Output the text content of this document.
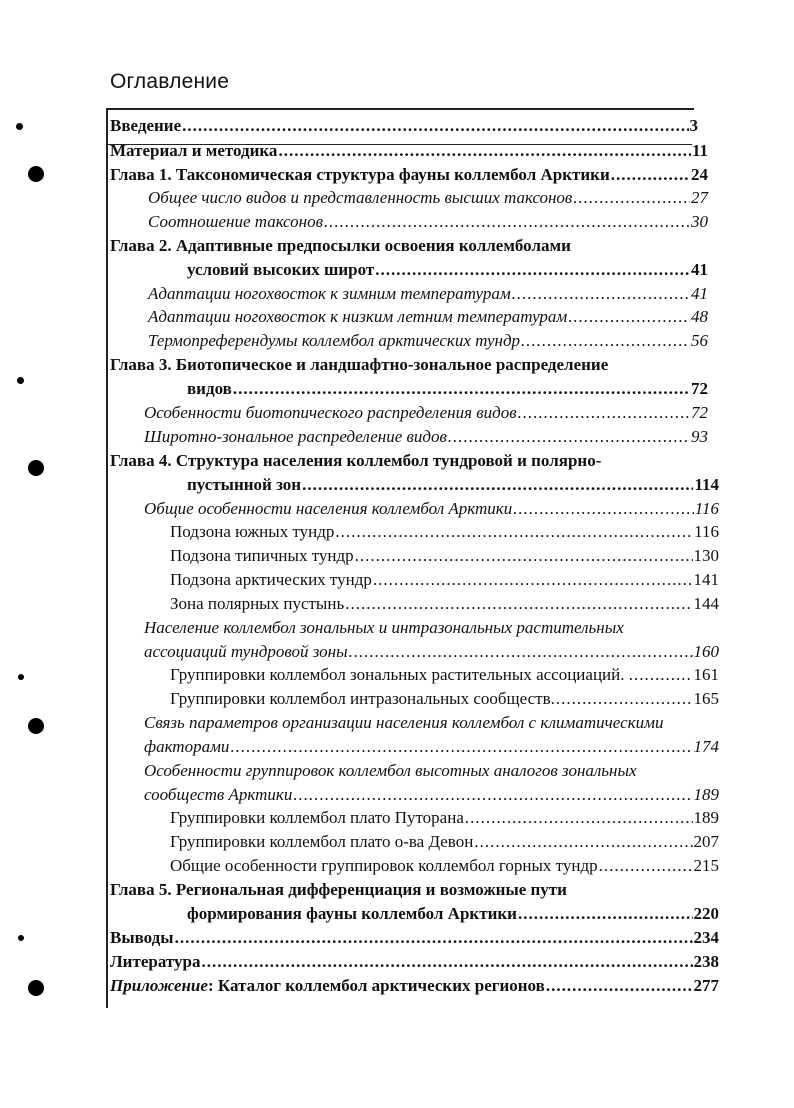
Оглавление
Введение .....	3
Материал и методика .....	11
Глава 1. Таксономическая структура фауны коллембол Арктики .....	24
Общее число видов и представленность высших таксонов .....	27
Соотношение таксонов .....	30
Глава 2. Адаптивные предпосылки освоения коллемболами
условий высоких широт .....	41
Адаптации ногохвосток к зимним температурам .....	41
Адаптации ногохвосток к низким летним температурам .....	48
Термопреферендумы коллембол арктических тундр .....	56
Глава 3. Биотопическое и ландшафтно-зональное распределение
видов .....	72
Особенности биотопического распределения видов .....	72
Широтно-зональное распределение видов .....	93
Глава 4. Структура населения коллембол тундровой и полярно-
пустынной зон .....	114
Общие особенности населения коллембол Арктики .....	116
Подзона южных тундр .....	116
Подзона типичных тундр .....	130
Подзона арктических тундр .....	141
Зона полярных пустынь .....	144
Население коллембол зональных и интразональных растительных
ассоциаций тундровой зоны .....	160
Группировки коллембол зональных растительных ассоциаций. . .....	161
Группировки коллембол интразональных сообществ. .....	165
Связь параметров организации населения коллембол с климатическими
факторами .....	174
Особенности группировок коллембол высотных аналогов зональных
сообществ Арктики .....	189
Группировки коллембол плато Путорана .....	189
Группировки коллембол плато о-ва Девон .....	207
Общие особенности группировок коллембол горных тундр .....	215
Глава 5. Региональная дифференциация и возможные пути
формирования фауны коллембол Арктики .....	220
Выводы .....	234
Литература .....	238
Приложение: Каталог коллембол арктических регионов .....	277
